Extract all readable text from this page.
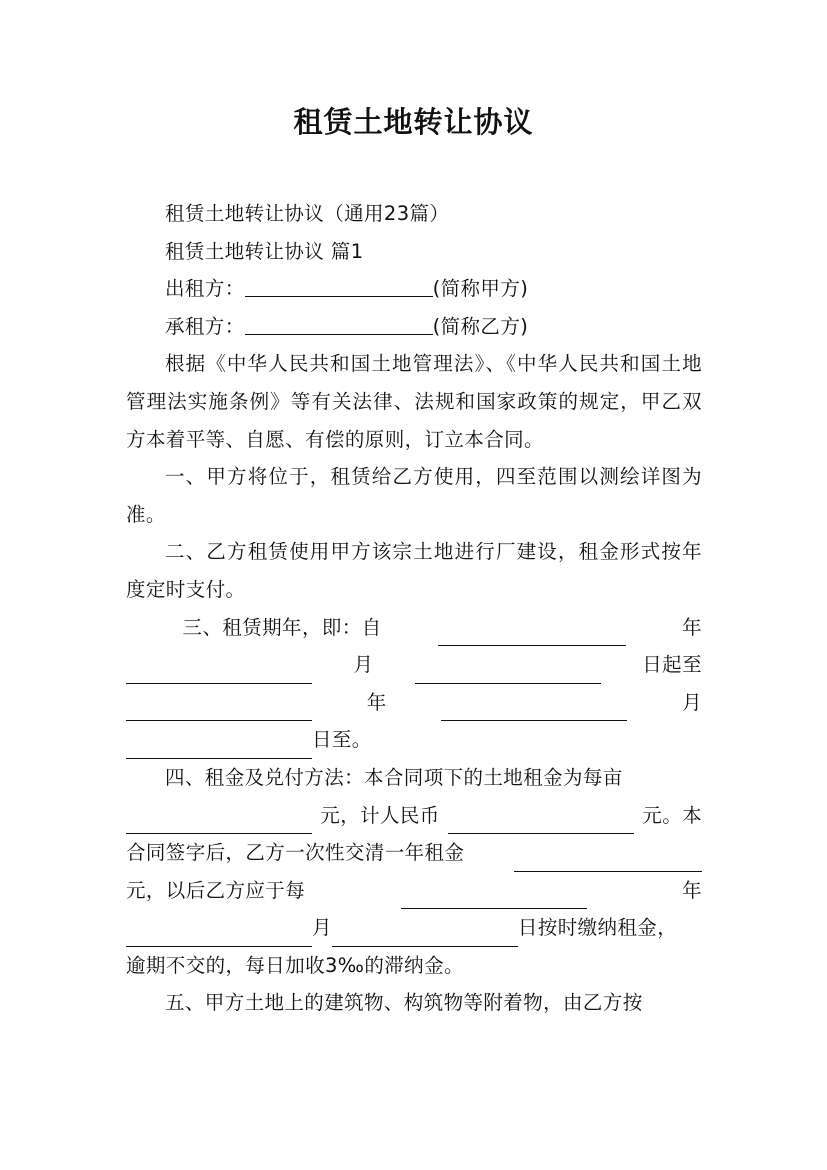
租赁土地转让协议

租赁土地转让协议（通用23篇）

租赁土地转让协议 篇1

出租方：	(简称甲方)

承租方：	(简称乙方)

根据《中华人民共和国土地管理法》、《中华人民共和国土地管理法实施条例》等有关法律、法规和国家政策的规定，甲乙双方本着平等、自愿、有偿的原则，订立本合同。

一、甲方将位于，租赁给乙方使用，四至范围以测绘详图为准。

二、乙方租赁使用甲方该宗土地进行厂建设，租金形式按年度定时支付。

三、租赁期年，即：自	年
月	日起至
年	月
日至。

四、租金及兑付方法：本合同项下的土地租金为每亩

元，计人民币	元。本
合同签字后，乙方一次性交清一年租金
元，以后乙方应于每	年
月	日按时缴纳租金，
逾期不交的，每日加收3‰的滞纳金。

五、甲方土地上的建筑物、构筑物等附着物，由乙方按
